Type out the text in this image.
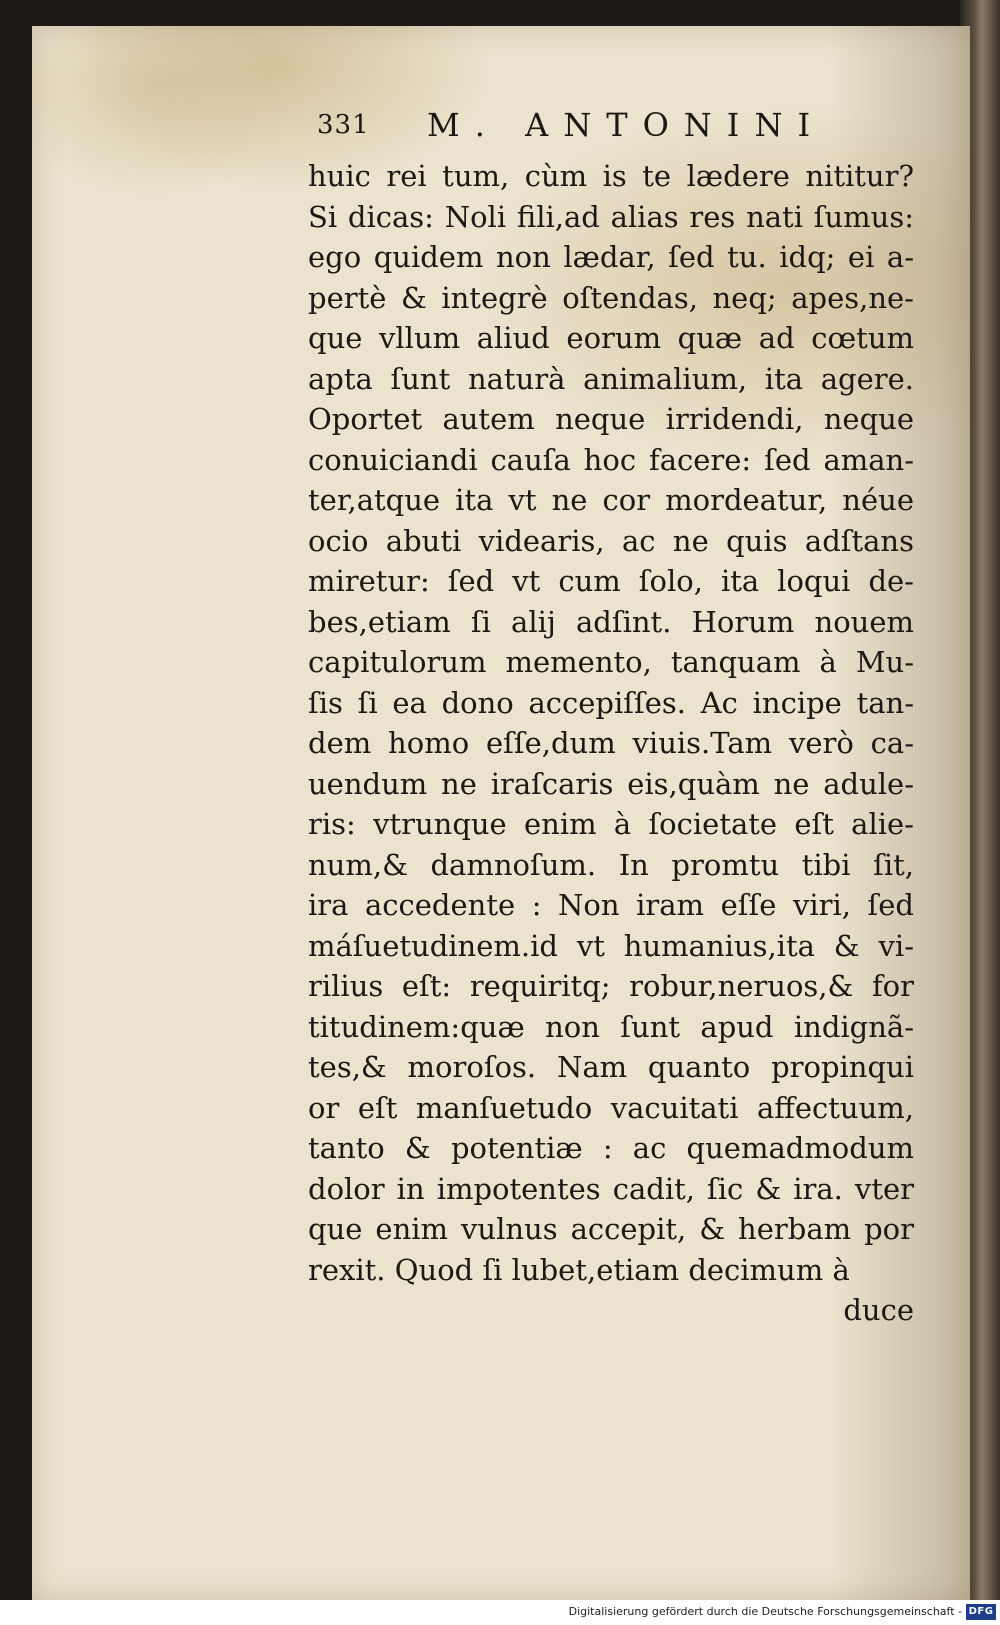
331 M. ANTONINI
huic rei tum, cùm is te lædere nititur?
Si dicas: Noli fili,ad alias res nati ſumus:
ego quidem non lædar, ſed tu. idq; ei a-
pertè & integrè oſtendas, neq; apes,ne-
que vllum aliud eorum quæ ad cœtum
apta ſunt naturà animalium, ita agere.
Oportet autem neque irridendi, neque
conuiciandi cauſa hoc facere: ſed aman-
ter,atque ita vt ne cor mordeatur, néue
ocio abuti videaris, ac ne quis adſtans
miretur: ſed vt cum ſolo, ita loqui de-
bes,etiam ſi alij adſint. Horum nouem
capitulorum memento, tanquam à Mu-
ſis ſi ea dono accepiſſes. Ac incipe tan-
dem homo eſſe,dum viuis.Tam verò ca-
uendum ne iraſcaris eis,quàm ne adule-
ris: vtrunque enim à ſocietate eſt alie-
num,& damnoſum. In promtu tibi ſit,
ira accedente : Non iram eſſe viri, ſed
máſuetudinem.id vt humanius,ita & vi-
rilius eſt: requiritq; robur,neruos,& for
titudinem:quæ non ſunt apud indignã-
tes,& moroſos. Nam quanto propinqui
or eſt manſuetudo vacuitati affectuum,
tanto & potentiæ : ac quemadmodum
dolor in impotentes cadit, ſic & ira. vter
que enim vulnus accepit, & herbam por
rexit. Quod ſi lubet,etiam decimum à
duce
Digitalisierung gefördert durch die Deutsche Forschungsgemeinschaft - DFG
